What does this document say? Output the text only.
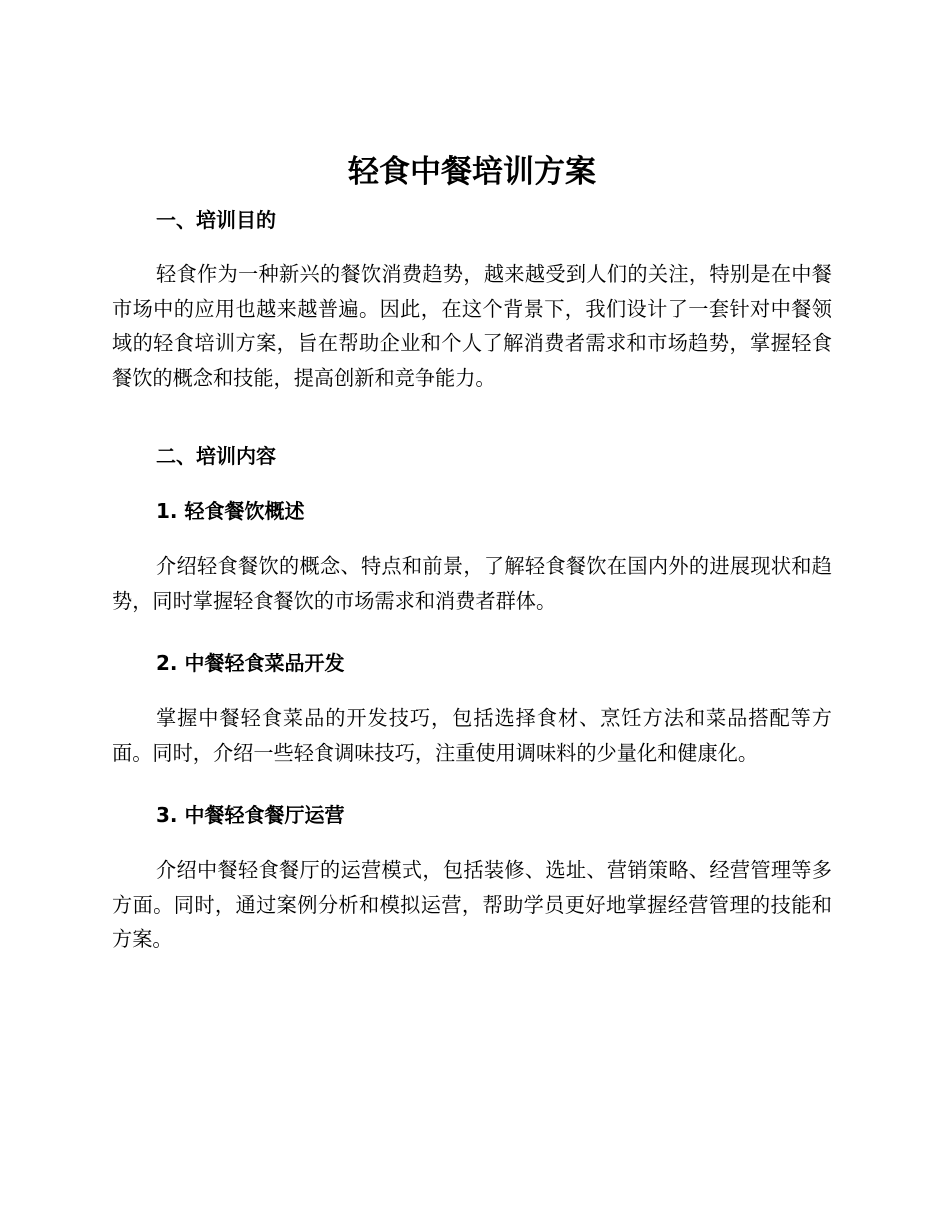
轻食中餐培训方案
一、培训目的

轻食作为一种新兴的餐饮消费趋势，越来越受到人们的关注，特别是在中餐市场中的应用也越来越普遍。因此，在这个背景下，我们设计了一套针对中餐领域的轻食培训方案，旨在帮助企业和个人了解消费者需求和市场趋势，掌握轻食餐饮的概念和技能，提高创新和竞争能力。

二、培训内容
1. 轻食餐饮概述

介绍轻食餐饮的概念、特点和前景，了解轻食餐饮在国内外的进展现状和趋势，同时掌握轻食餐饮的市场需求和消费者群体。

2. 中餐轻食菜品开发

掌握中餐轻食菜品的开发技巧，包括选择食材、烹饪方法和菜品搭配等方面。同时，介绍一些轻食调味技巧，注重使用调味料的少量化和健康化。

3. 中餐轻食餐厅运营

介绍中餐轻食餐厅的运营模式，包括装修、选址、营销策略、经营管理等多方面。同时，通过案例分析和模拟运营，帮助学员更好地掌握经营管理的技能和方案。
